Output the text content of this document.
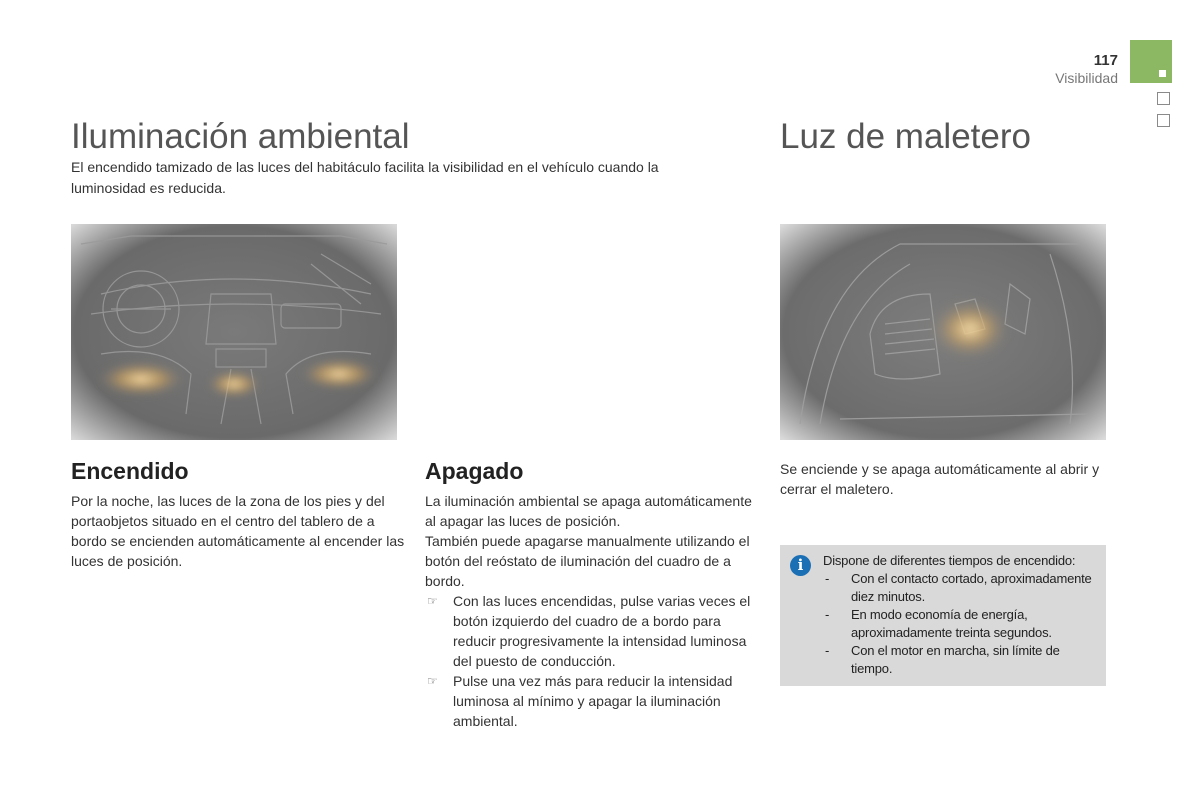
117
Visibilidad
Iluminación ambiental
El encendido tamizado de las luces del habitáculo facilita la visibilidad en el vehículo cuando la luminosidad es reducida.
Luz de maletero
Encendido
Por la noche, las luces de la zona de los pies y del portaobjetos situado en el centro del tablero de a bordo se encienden automáticamente al encender las luces de posición.
Apagado
La iluminación ambiental se apaga automáticamente al apagar las luces de posición.
También puede apagarse manualmente utilizando el botón del reóstato de iluminación del cuadro de a bordo.
☞ Con las luces encendidas, pulse varias veces el botón izquierdo del cuadro de a bordo para reducir progresivamente la intensidad luminosa del puesto de conducción.
☞ Pulse una vez más para reducir la intensidad luminosa al mínimo y apagar la iluminación ambiental.
Se enciende y se apaga automáticamente al abrir y cerrar el maletero.
i	Dispone de diferentes tiempos de encendido:
- Con el contacto cortado, aproximadamente diez minutos.
- En modo economía de energía, aproximadamente treinta segundos.
- Con el motor en marcha, sin límite de tiempo.
